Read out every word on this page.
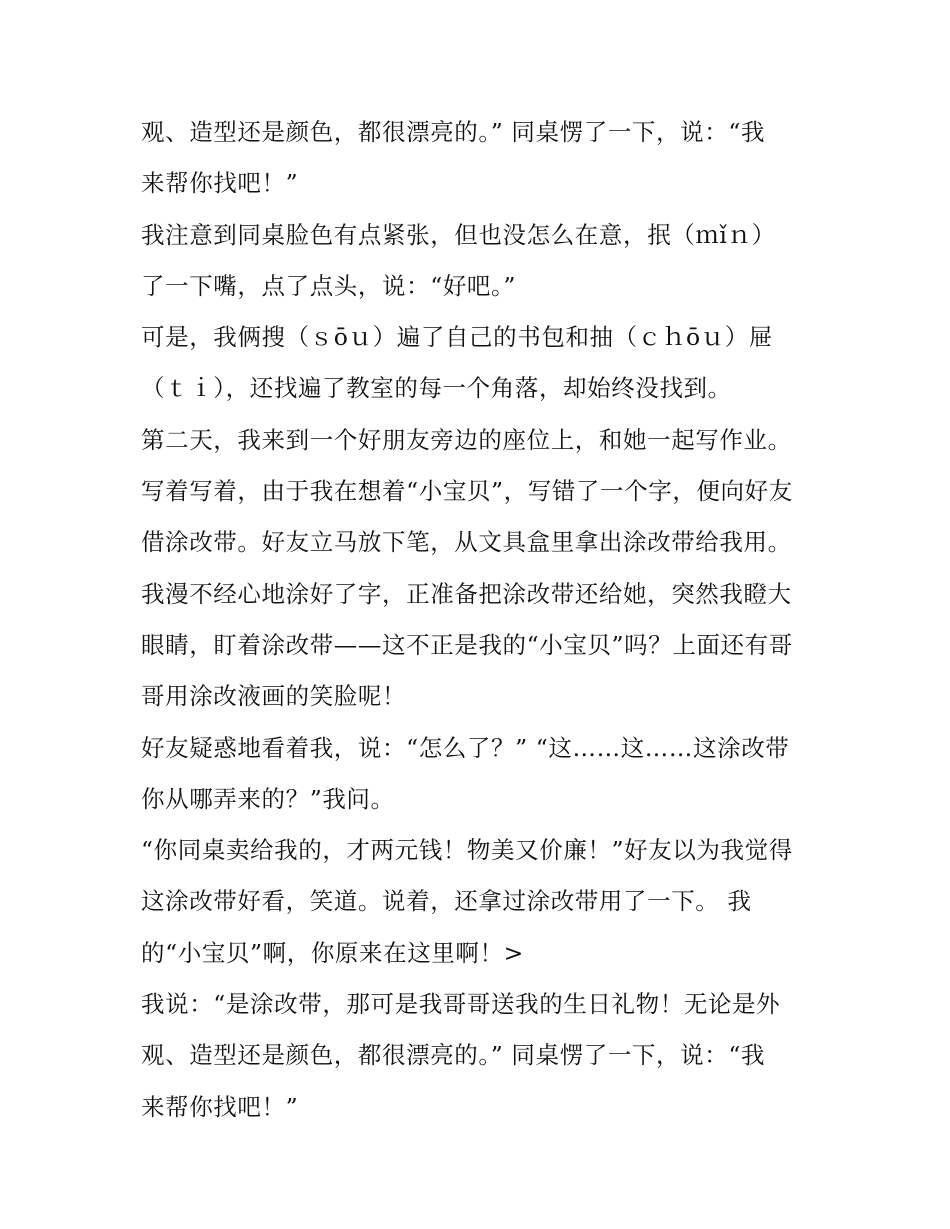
观、造型还是颜色，都很漂亮的。” 同桌愣了一下，说：“我
来帮你找吧！”
我注意到同桌脸色有点紧张，但也没怎么在意，抿（ｍǐｎ）
了一下嘴，点了点头，说：“好吧。”
可是，我俩搜（ｓōｕ）遍了自己的书包和抽（ｃｈōｕ）屉
（ｔｉ），还找遍了教室的每一个角落，却始终没找到。
第二天，我来到一个好朋友旁边的座位上，和她一起写作业。
写着写着，由于我在想着“小宝贝”，写错了一个字，便向好友
借涂改带。好友立马放下笔，从文具盒里拿出涂改带给我用。
我漫不经心地涂好了字，正准备把涂改带还给她，突然我瞪大
眼睛，盯着涂改带——这不正是我的“小宝贝”吗？上面还有哥
哥用涂改液画的笑脸呢！
好友疑惑地看着我，说：“怎么了？” “这……这……这涂改带
你从哪弄来的？”我问。
“你同桌卖给我的，才两元钱！物美又价廉！”好友以为我觉得
这涂改带好看，笑道。说着，还拿过涂改带用了一下。 我
的“小宝贝”啊，你原来在这里啊！>
我说：“是涂改带，那可是我哥哥送我的生日礼物！无论是外
观、造型还是颜色，都很漂亮的。” 同桌愣了一下，说：“我
来帮你找吧！”
